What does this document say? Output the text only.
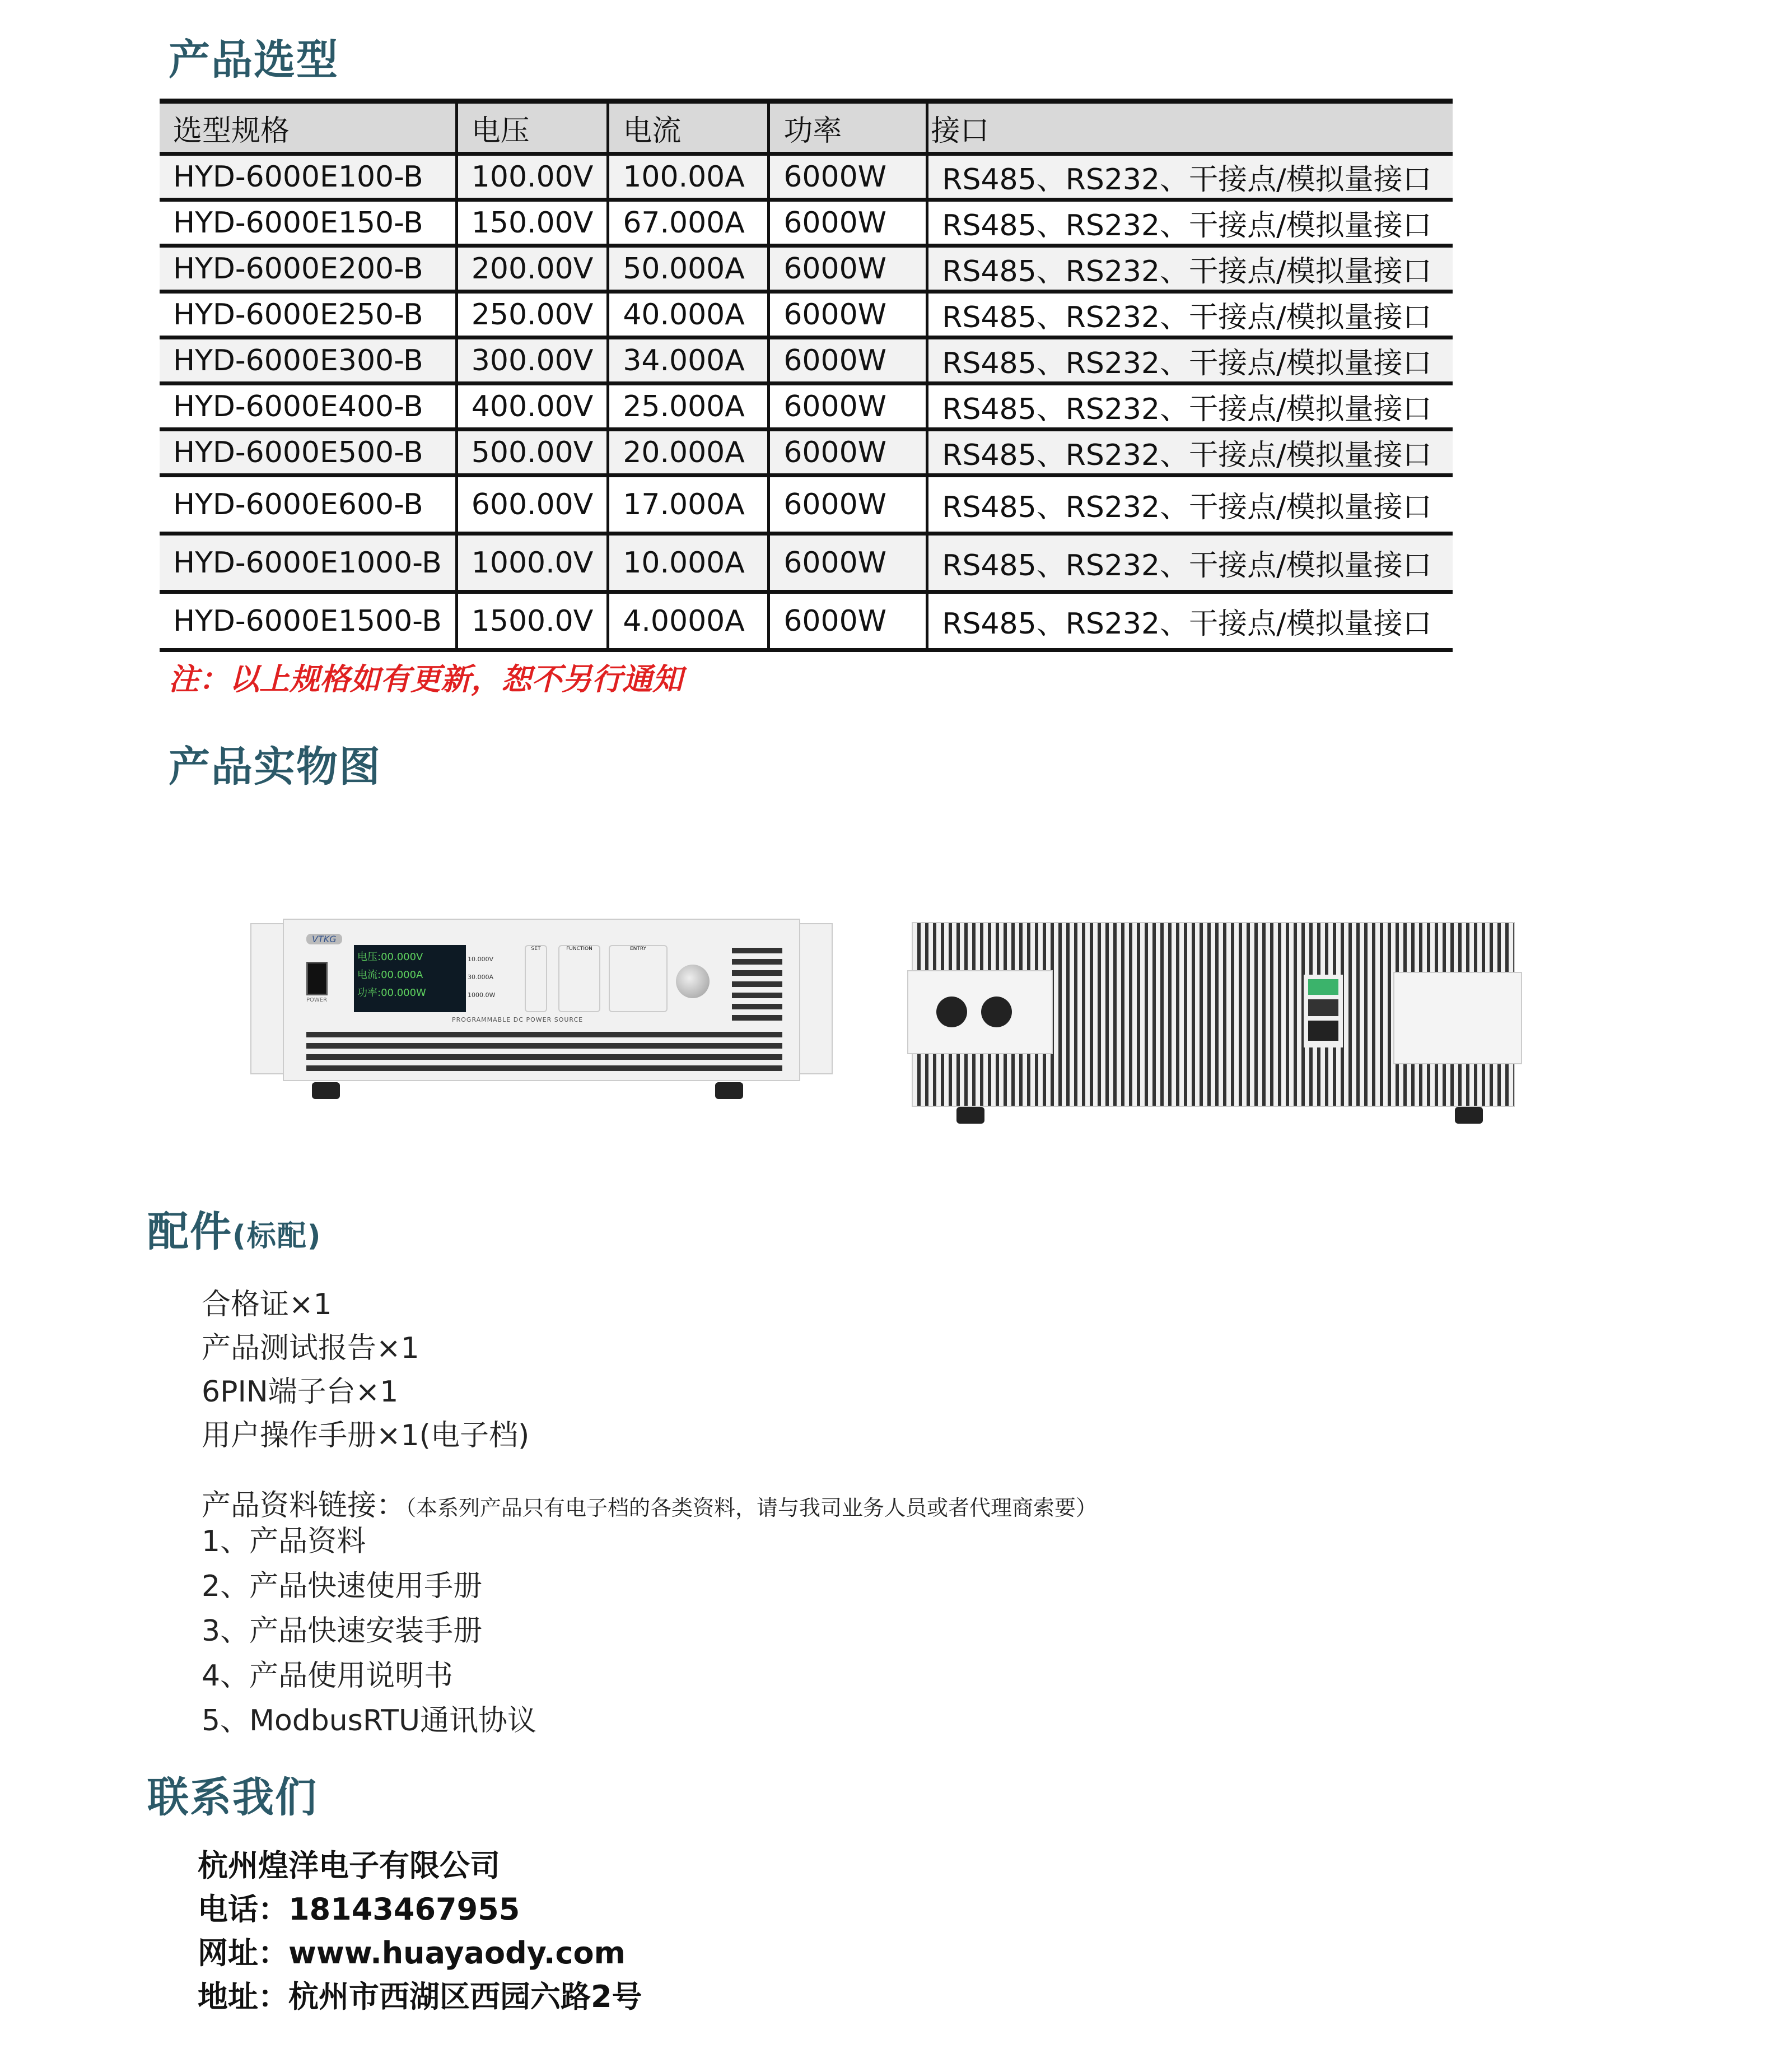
产品选型
选型规格	电压	电流	功率	接口
HYD-6000E100-B	100.00V	100.00A	6000W	RS485、RS232、干接点/模拟量接口
HYD-6000E150-B	150.00V	67.000A	6000W	RS485、RS232、干接点/模拟量接口
HYD-6000E200-B	200.00V	50.000A	6000W	RS485、RS232、干接点/模拟量接口
HYD-6000E250-B	250.00V	40.000A	6000W	RS485、RS232、干接点/模拟量接口
HYD-6000E300-B	300.00V	34.000A	6000W	RS485、RS232、干接点/模拟量接口
HYD-6000E400-B	400.00V	25.000A	6000W	RS485、RS232、干接点/模拟量接口
HYD-6000E500-B	500.00V	20.000A	6000W	RS485、RS232、干接点/模拟量接口
HYD-6000E600-B	600.00V	17.000A	6000W	RS485、RS232、干接点/模拟量接口
HYD-6000E1000-B	1000.0V	10.000A	6000W	RS485、RS232、干接点/模拟量接口
HYD-6000E1500-B	1500.0V	4.0000A	6000W	RS485、RS232、干接点/模拟量接口
注：以上规格如有更新，恕不另行通知
产品实物图
VTKG
POWER
电压:00.000V
电流:00.000A
功率:00.000W
10.000V
30.000A
1000.0W
SET	FUNCTION	ENTRY
PROGRAMMABLE DC POWER SOURCE
配件(标配)
合格证×1
产品测试报告×1
6PIN端子台×1
用户操作手册×1(电子档)
产品资料链接：（本系列产品只有电子档的各类资料，请与我司业务人员或者代理商索要）
1、产品资料
2、产品快速使用手册
3、产品快速安装手册
4、产品使用说明书
5、ModbusRTU通讯协议
联系我们
杭州煌洋电子有限公司
电话：18143467955
网址：www.huayaody.com
地址：杭州市西湖区西园六路2号
